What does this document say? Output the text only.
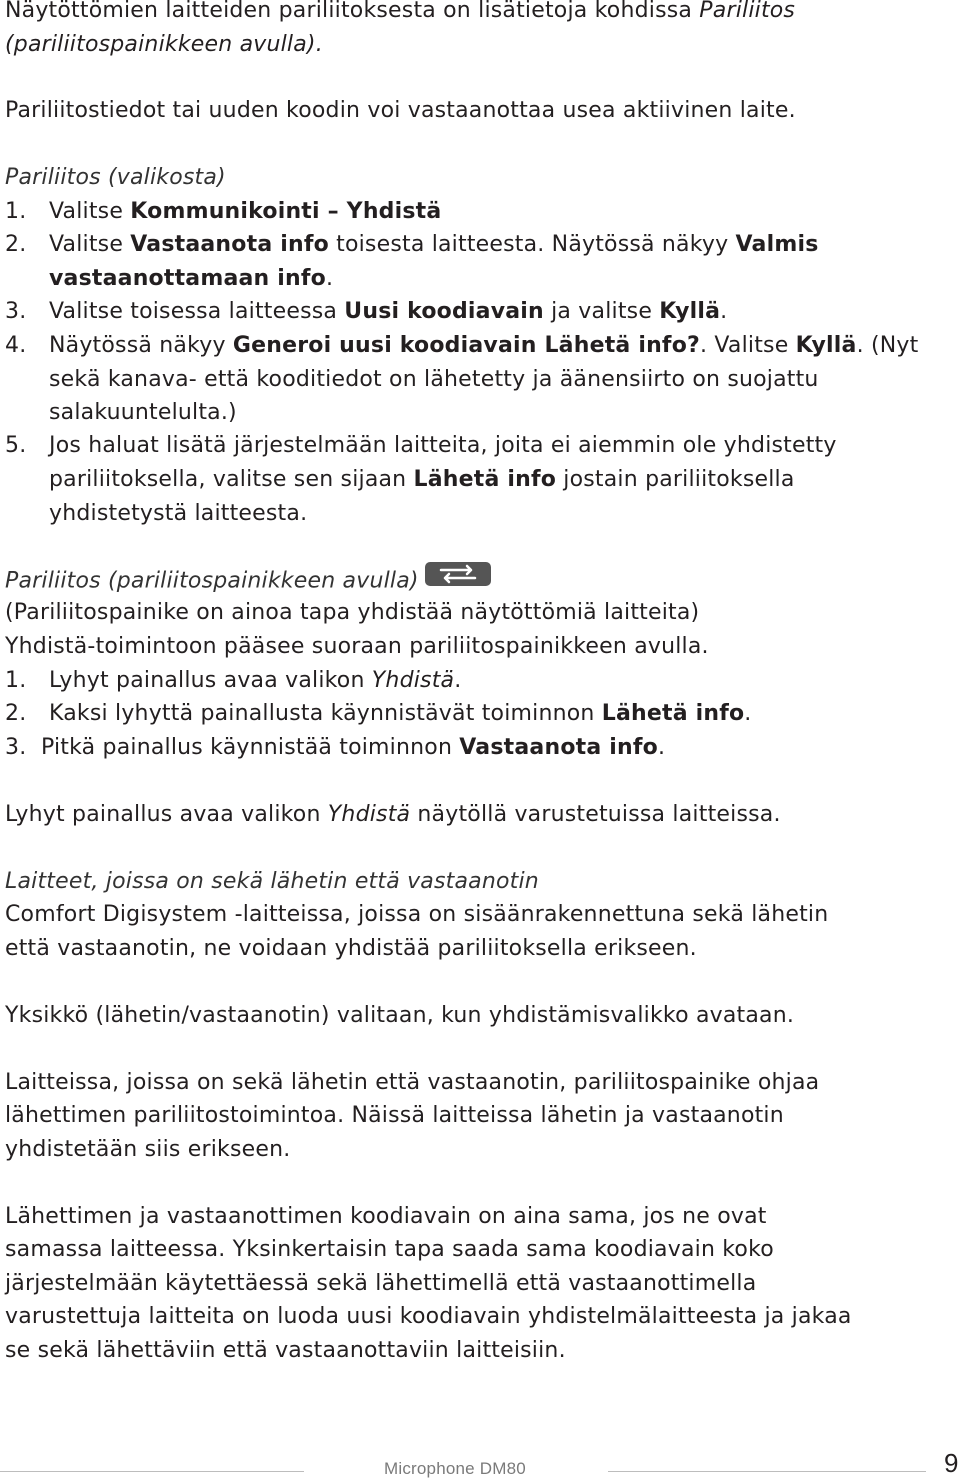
Näytöttömien laitteiden pariliitoksesta on lisätietoja kohdissa Pariliitos
(pariliitospainikkeen avulla).
Pariliitostiedot tai uuden koodin voi vastaanottaa usea aktiivinen laite.
Pariliitos (valikosta)
1. Valitse Kommunikointi – Yhdistä
2. Valitse Vastaanota info toisesta laitteesta. Näytössä näkyy Valmis
vastaanottamaan info.
3. Valitse toisessa laitteessa Uusi koodiavain ja valitse Kyllä.
4. Näytössä näkyy Generoi uusi koodiavain Lähetä info?. Valitse Kyllä. (Nyt
sekä kanava- että kooditiedot on lähetetty ja äänensiirto on suojattu
salakuuntelulta.)
5. Jos haluat lisätä järjestelmään laitteita, joita ei aiemmin ole yhdistetty
pariliitoksella, valitse sen sijaan Lähetä info jostain pariliitoksella
yhdistetystä laitteesta.
Pariliitos (pariliitospainikkeen avulla)
(Pariliitospainike on ainoa tapa yhdistää näytöttömiä laitteita)
Yhdistä-toimintoon pääsee suoraan pariliitospainikkeen avulla.
1. Lyhyt painallus avaa valikon Yhdistä.
2. Kaksi lyhyttä painallusta käynnistävät toiminnon Lähetä info.
3. Pitkä painallus käynnistää toiminnon Vastaanota info.
Lyhyt painallus avaa valikon Yhdistä näytöllä varustetuissa laitteissa.
Laitteet, joissa on sekä lähetin että vastaanotin
Comfort Digisystem -laitteissa, joissa on sisäänrakennettuna sekä lähetin
että vastaanotin, ne voidaan yhdistää pariliitoksella erikseen.
Yksikkö (lähetin/vastaanotin) valitaan, kun yhdistämisvalikko avataan.
Laitteissa, joissa on sekä lähetin että vastaanotin, pariliitospainike ohjaa
lähettimen pariliitostoimintoa. Näissä laitteissa lähetin ja vastaanotin
yhdistetään siis erikseen.
Lähettimen ja vastaanottimen koodiavain on aina sama, jos ne ovat
samassa laitteessa. Yksinkertaisin tapa saada sama koodiavain koko
järjestelmään käytettäessä sekä lähettimellä että vastaanottimella
varustettuja laitteita on luoda uusi koodiavain yhdistelmälaitteesta ja jakaa
se sekä lähettäviin että vastaanottaviin laitteisiin.
Microphone DM80	9
